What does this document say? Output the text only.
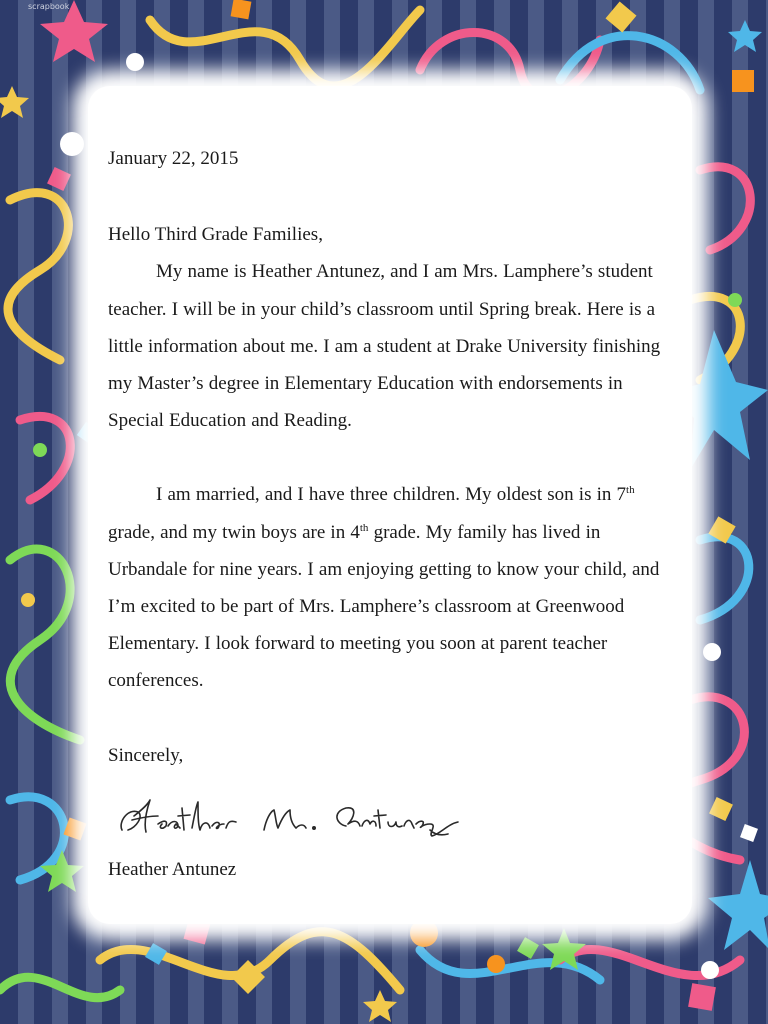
scrapbook

January 22, 2015

Hello Third Grade Families,

My name is Heather Antunez, and I am Mrs. Lamphere’s student teacher. I will be in your child’s classroom until Spring break. Here is a little information about me. I am a student at Drake University finishing my Master’s degree in Elementary Education with endorsements in Special Education and Reading.

I am married, and I have three children. My oldest son is in 7th grade, and my twin boys are in 4th grade. My family has lived in Urbandale for nine years. I am enjoying getting to know your child, and I’m excited to be part of Mrs. Lamphere’s classroom at Greenwood Elementary. I look forward to meeting you soon at parent teacher conferences.

Sincerely,

Heather Antunez
